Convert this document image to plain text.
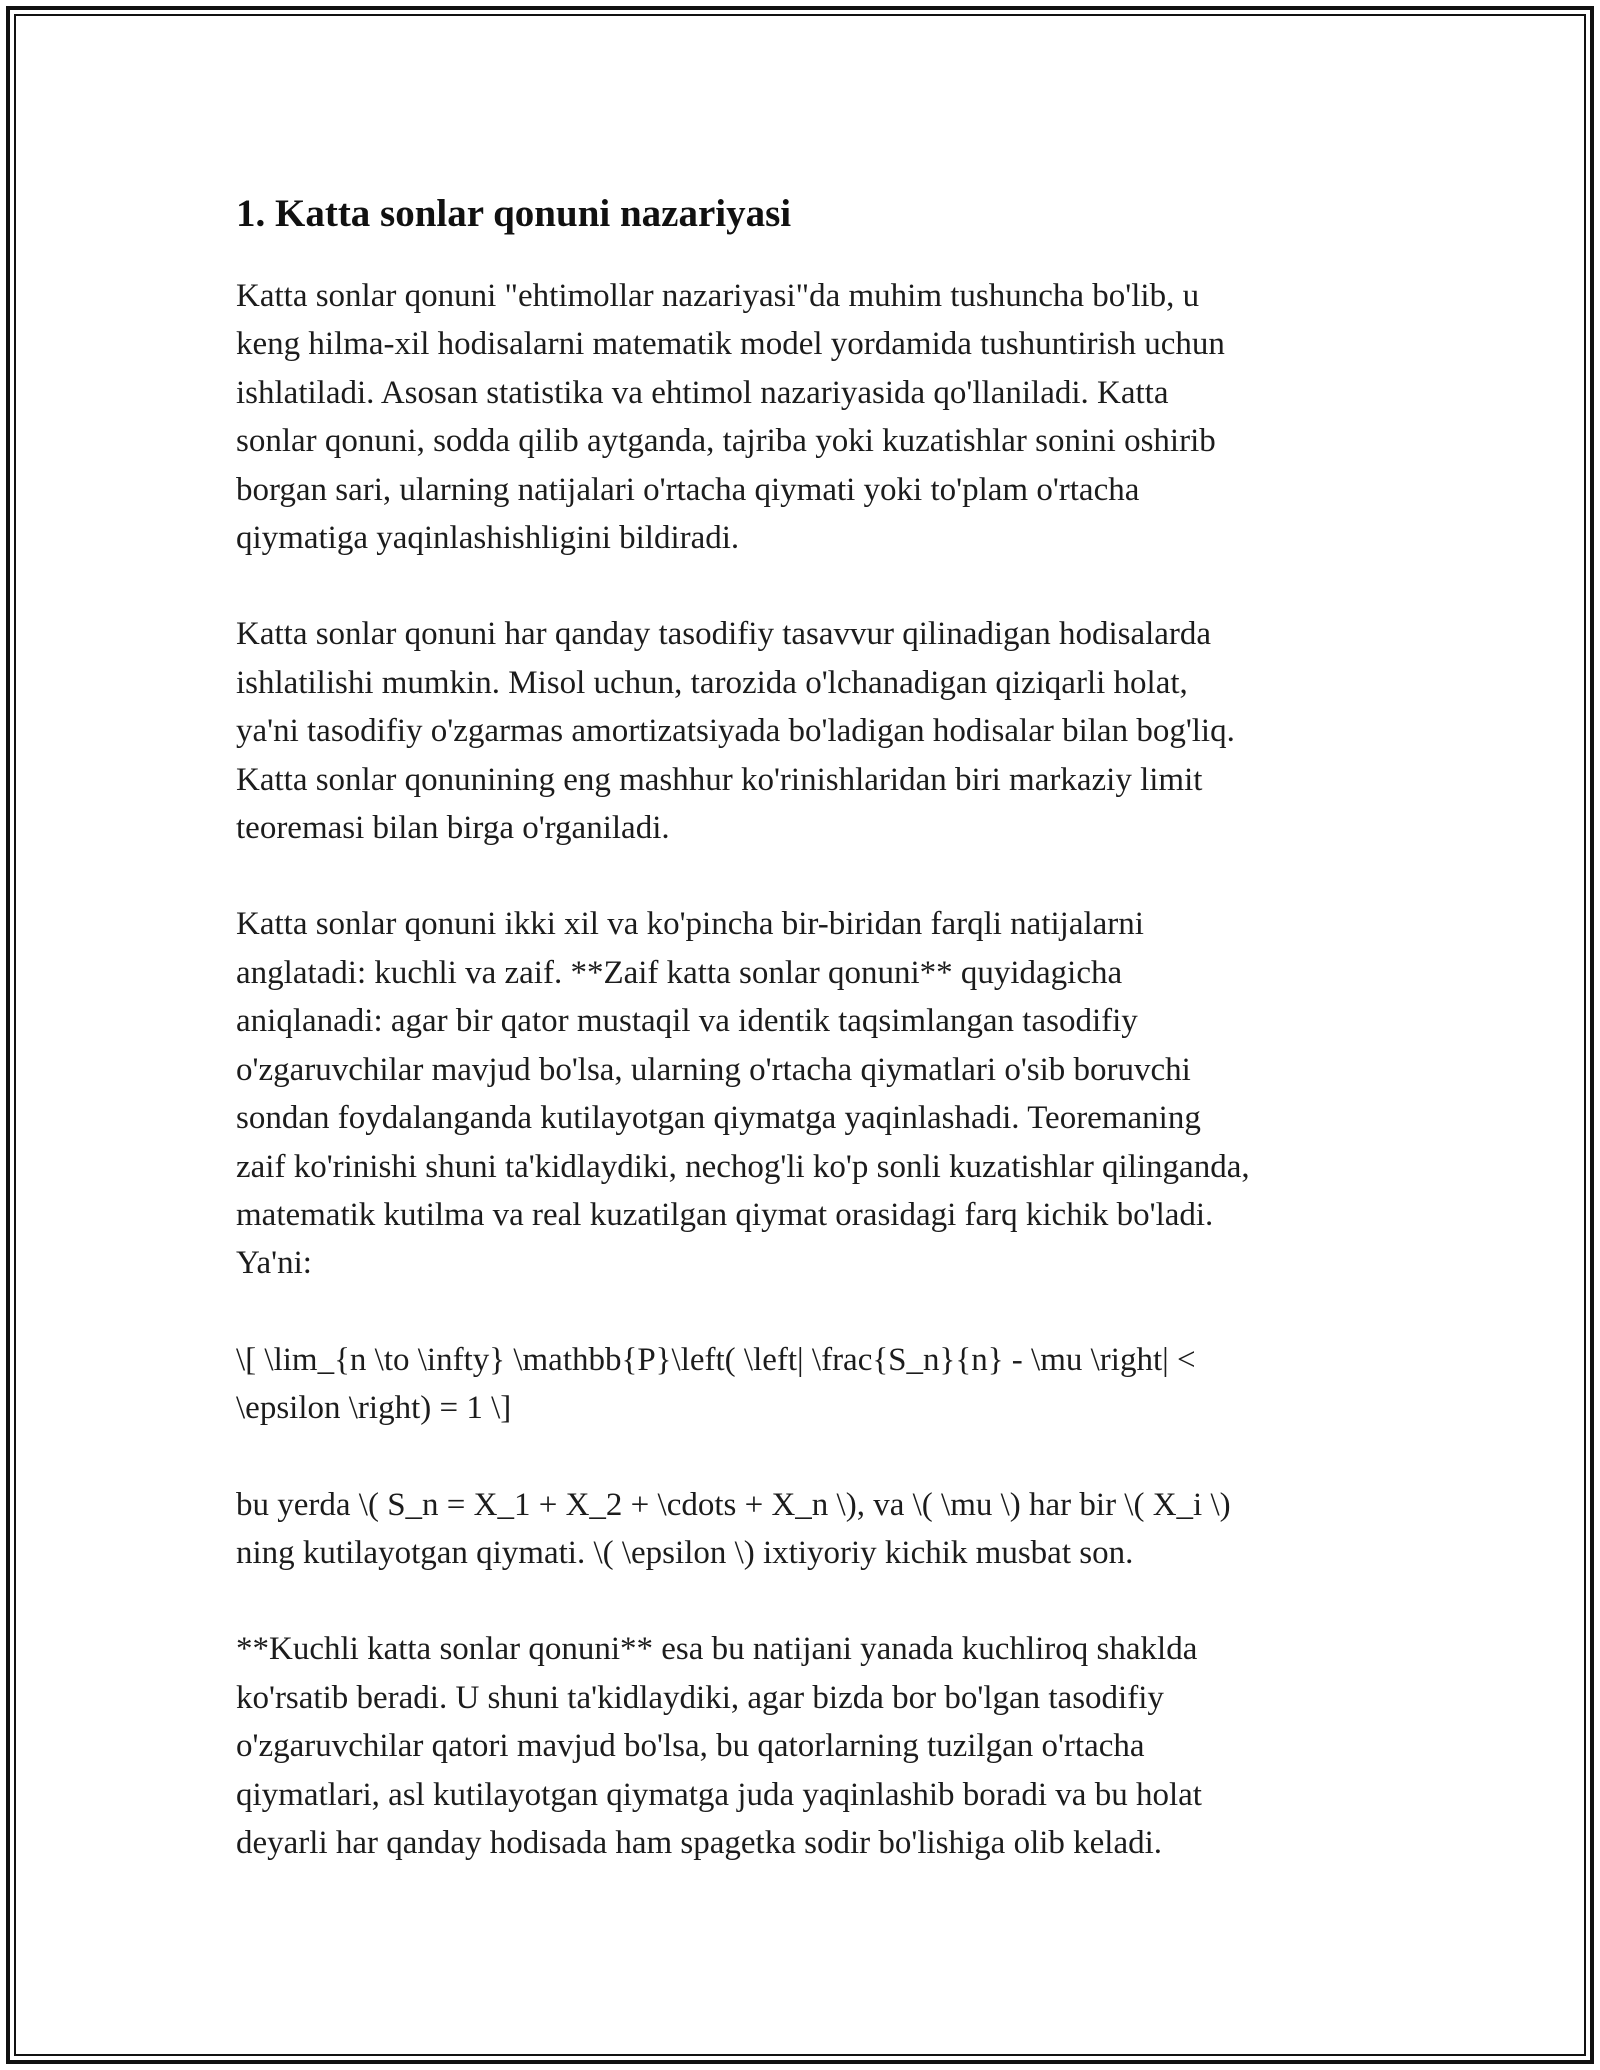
1. Katta sonlar qonuni nazariyasi

Katta sonlar qonuni "ehtimollar nazariyasi"da muhim tushuncha bo'lib, u
keng hilma-xil hodisalarni matematik model yordamida tushuntirish uchun
ishlatiladi. Asosan statistika va ehtimol nazariyasida qo'llaniladi. Katta
sonlar qonuni, sodda qilib aytganda, tajriba yoki kuzatishlar sonini oshirib
borgan sari, ularning natijalari o'rtacha qiymati yoki to'plam o'rtacha
qiymatiga yaqinlashishligini bildiradi.

Katta sonlar qonuni har qanday tasodifiy tasavvur qilinadigan hodisalarda
ishlatilishi mumkin. Misol uchun, tarozida o'lchanadigan qiziqarli holat,
ya'ni tasodifiy o'zgarmas amortizatsiyada bo'ladigan hodisalar bilan bog'liq.
Katta sonlar qonunining eng mashhur ko'rinishlaridan biri markaziy limit
teoremasi bilan birga o'rganiladi.

Katta sonlar qonuni ikki xil va ko'pincha bir-biridan farqli natijalarni
anglatadi: kuchli va zaif. **Zaif katta sonlar qonuni** quyidagicha
aniqlanadi: agar bir qator mustaqil va identik taqsimlangan tasodifiy
o'zgaruvchilar mavjud bo'lsa, ularning o'rtacha qiymatlari o'sib boruvchi
sondan foydalanganda kutilayotgan qiymatga yaqinlashadi. Teoremaning
zaif ko'rinishi shuni ta'kidlaydiki, nechog'li ko'p sonli kuzatishlar qilinganda,
matematik kutilma va real kuzatilgan qiymat orasidagi farq kichik bo'ladi.
Ya'ni:

\[ \lim_{n \to \infty} \mathbb{P}\left( \left| \frac{S_n}{n} - \mu \right| <
\epsilon \right) = 1 \]

bu yerda \( S_n = X_1 + X_2 + \cdots + X_n \), va \( \mu \) har bir \( X_i \)
ning kutilayotgan qiymati. \( \epsilon \) ixtiyoriy kichik musbat son.

**Kuchli katta sonlar qonuni** esa bu natijani yanada kuchliroq shaklda
ko'rsatib beradi. U shuni ta'kidlaydiki, agar bizda bor bo'lgan tasodifiy
o'zgaruvchilar qatori mavjud bo'lsa, bu qatorlarning tuzilgan o'rtacha
qiymatlari, asl kutilayotgan qiymatga juda yaqinlashib boradi va bu holat
deyarli har qanday hodisada ham spagetka sodir bo'lishiga olib keladi.
